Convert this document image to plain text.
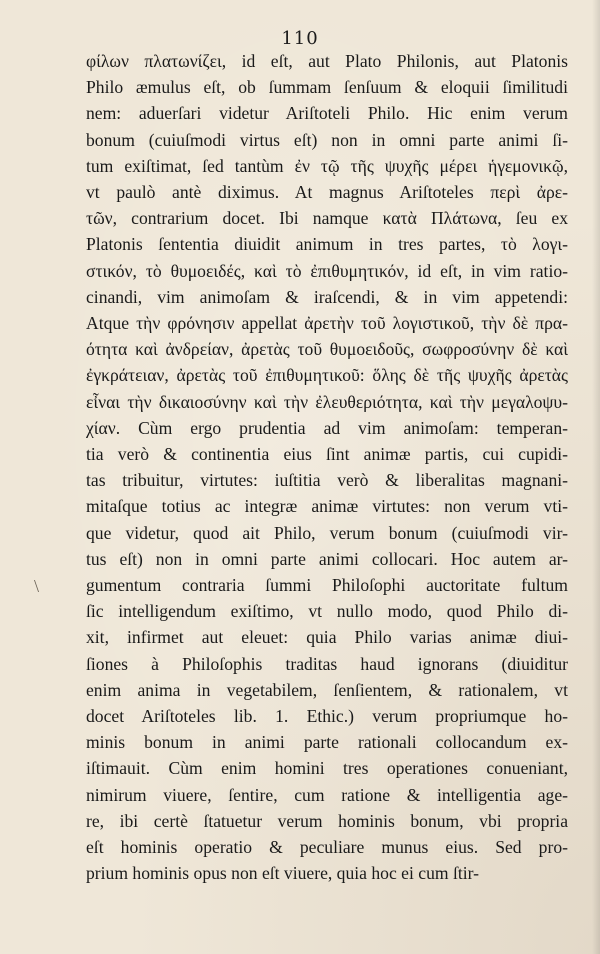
110
\
φίλων πλατωνίζει, id eſt, aut Plato Philonis, aut Platonis
Philo æmulus eſt, ob ſummam ſenſuum & eloquii ſimilitudi
nem: aduerſari videtur Ariſtoteli Philo. Hic enim verum
bonum (cuiuſmodi virtus eſt) non in omni parte animi ſi-
tum exiſtimat, ſed tantùm ἐν τῷ τῆς ψυχῆς μέρει ἡγεμονικῷ,
vt paulò antè diximus. At magnus Ariſtoteles περὶ ἀρε-
τῶν, contrarium docet. Ibi namque κατὰ Πλάτωνα, ſeu ex
Platonis ſententia diuidit animum in tres partes, τὸ λογι-
στικόν, τὸ θυμοειδές, καὶ τὸ ἐπιθυμητικόν, id eſt, in vim ratio-
cinandi, vim animoſam & iraſcendi, & in vim appetendi:
Atque τὴν φρόνησιν appellat ἀρετὴν τοῦ λογιστικοῦ, τὴν δὲ πρα-
ότητα καὶ ἀνδρείαν, ἀρετὰς τοῦ θυμοειδοῦς, σωφροσύνην δὲ καὶ
ἐγκράτειαν, ἀρετὰς τοῦ ἐπιθυμητικοῦ: ὅλης δὲ τῆς ψυχῆς ἀρετὰς
εἶναι τὴν δικαιοσύνην καὶ τὴν ἐλευθεριότητα, καὶ τὴν μεγαλοψυ-
χίαν. Cùm ergo prudentia ad vim animoſam: temperan-
tia verò & continentia eius ſint animæ partis, cui cupidi-
tas tribuitur, virtutes: iuſtitia verò & liberalitas magnani-
mitaſque totius ac integræ animæ virtutes: non verum vti-
que videtur, quod ait Philo, verum bonum (cuiuſmodi vir-
tus eſt) non in omni parte animi collocari. Hoc autem ar-
gumentum contraria ſummi Philoſophi auctoritate fultum
ſic intelligendum exiſtimo, vt nullo modo, quod Philo di-
xit, infirmet aut eleuet: quia Philo varias animæ diui-
ſiones à Philoſophis traditas haud ignorans (diuiditur
enim anima in vegetabilem, ſenſientem, & rationalem, vt
docet Ariſtoteles lib. 1. Ethic.) verum propriumque ho-
minis bonum in animi parte rationali collocandum ex-
iſtimauit. Cùm enim homini tres operationes conueniant,
nimirum viuere, ſentire, cum ratione & intelligentia age-
re, ibi certè ſtatuetur verum hominis bonum, vbi propria
eſt hominis operatio & peculiare munus eius. Sed pro-
prium hominis opus non eſt viuere, quia hoc ei cum ſtir-
